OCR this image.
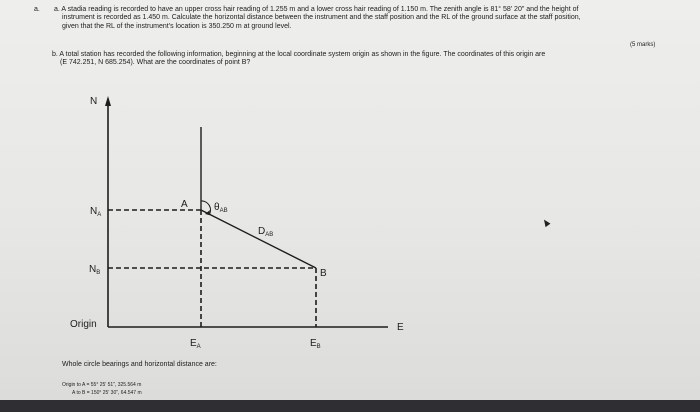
a. a. A stadia reading is recorded to have an upper cross hair reading of 1.255 m and a lower cross hair reading of 1.150 m. The zenith angle is 81° 58' 20" and the height of
instrument is recorded as 1.450 m. Calculate the horizontal distance between the instrument and the staff position and the RL of the ground surface at the staff position,
given that the RL of the instrument's location is 350.250 m at ground level.
(5 marks)
b. A total station has recorded the following information, beginning at the local coordinate system origin as shown in the figure. The coordinates of this origin are
(E 742.251, N 685.254). What are the coordinates of point B?
N
E
Origin
A
B
$N_A$
$N_B$
$E_A$	$E_B$
$\theta_{AB}$
$D_{AB}$
Whole circle bearings and horizontal distance are:
Origin to A = 55° 25' 51", 325.564 m
A to B = 150° 25' 30", 64.547 m
